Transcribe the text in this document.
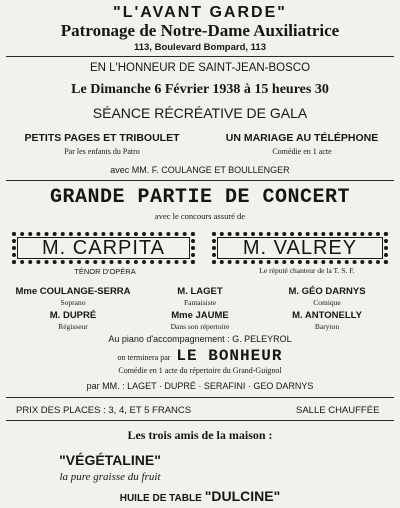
"L'AVANT GARDE"
Patronage de Notre-Dame Auxiliatrice
113, Boulevard Bompard, 113
EN L'HONNEUR DE SAINT-JEAN-BOSCO
Le Dimanche 6 Février 1938 à 15 heures 30
SÉANCE RÉCRÉATIVE DE GALA
PETITS PAGES ET TRIBOULET
Par les enfants du Patro
UN MARIAGE AU TÉLÉPHONE
Comédie en 1 acte
avec MM. F. COULANGE ET BOULLENGER
GRANDE PARTIE DE CONCERT
avec le concours assuré de
M. CARPITA	M. VALREY
TÉNOR D'OPÉRA	Le réputé chanteur de la T. S. F.
Mme COULANGE-SERRA
Soprano
M. LAGET
Fantaisiste
M. GÉO DARNYS
Comique
M. DUPRÉ
Régisseur
Mme JAUME
Dans son répertoire
M. ANTONELLY
Baryton
Au piano d'accompagnement : G. PELEYROL
on terminera par LE BONHEUR
Comédie en 1 acte du répertoire du Grand-Guignol
par MM. : LAGET · DUPRÉ · SERAFINI · GEO DARNYS
PRIX DES PLACES : 3, 4, ET 5 FRANCS	SALLE CHAUFFÉE
Les trois amis de la maison :
"VÉGÉTALINE"
la pure graisse du fruit
HUILE DE TABLE "DULCINE"
